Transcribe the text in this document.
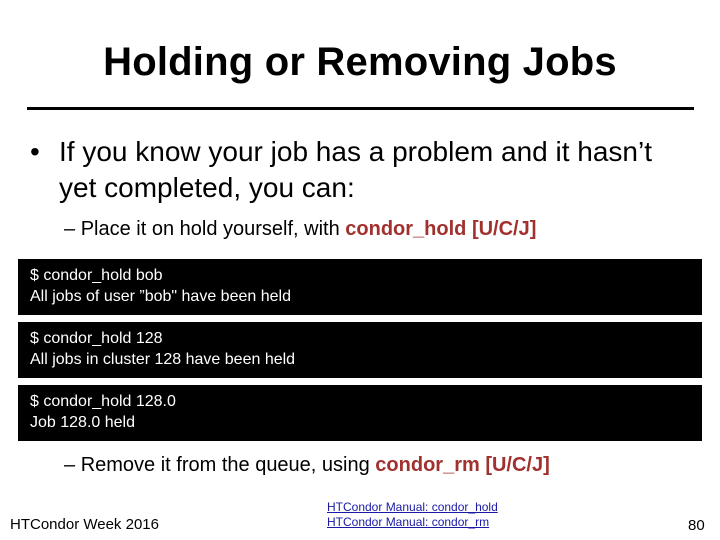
Holding or Removing Jobs
• If you know your job has a problem and it hasn’t yet completed, you can:
– Place it on hold yourself, with condor_hold [U/C/J]
$ condor_hold bob
All jobs of user ”bob" have been held
$ condor_hold 128
All jobs in cluster 128 have been held
$ condor_hold 128.0
Job 128.0 held
– Remove it from the queue, using condor_rm [U/C/J]
HTCondor Week 2016
HTCondor Manual: condor_hold
HTCondor Manual: condor_rm	80
